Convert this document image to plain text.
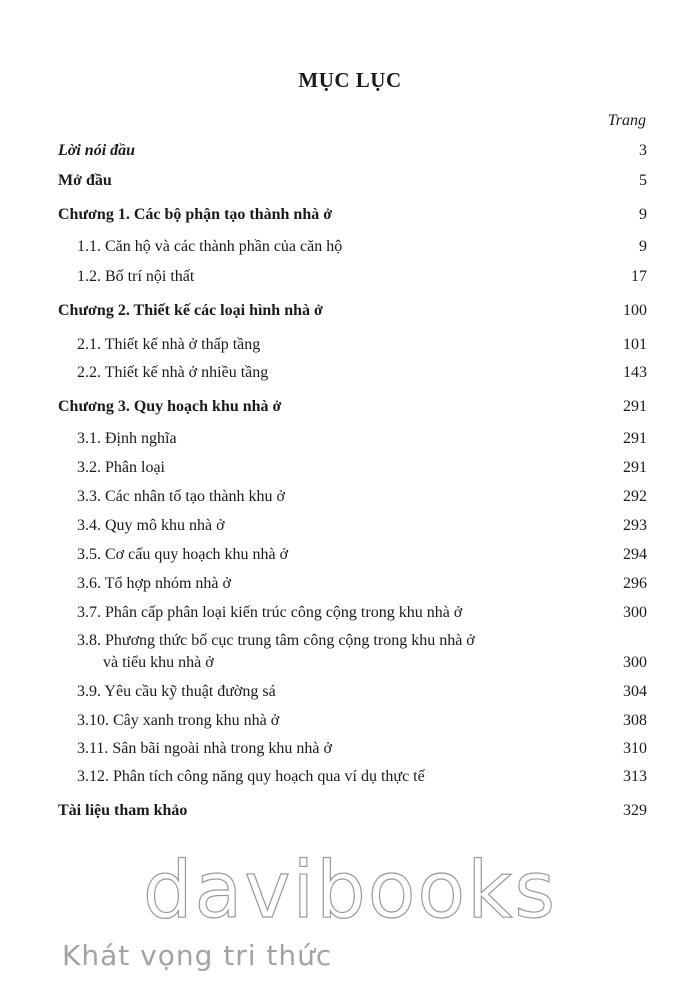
MỤC LỤC
Trang
Lời nói đầu	3
Mở đầu	5
Chương 1. Các bộ phận tạo thành nhà ở	9
1.1. Căn hộ và các thành phần của căn hộ	9
1.2. Bố trí nội thất	17
Chương 2. Thiết kế các loại hình nhà ở	100
2.1. Thiết kế nhà ở thấp tầng	101
2.2. Thiết kế nhà ở nhiều tầng	143
Chương 3. Quy hoạch khu nhà ở	291
3.1. Định nghĩa	291
3.2. Phân loại	291
3.3. Các nhân tố tạo thành khu ở	292
3.4. Quy mô khu nhà ở	293
3.5. Cơ cấu quy hoạch khu nhà ở	294
3.6. Tổ hợp nhóm nhà ở	296
3.7. Phân cấp phân loại kiến trúc công cộng trong khu nhà ở	300
3.8. Phương thức bố cục trung tâm công cộng trong khu nhà ở
và tiểu khu nhà ở	300
3.9. Yêu cầu kỹ thuật đường sá	304
3.10. Cây xanh trong khu nhà ở	308
3.11. Sân bãi ngoài nhà trong khu nhà ở	310
3.12. Phân tích công năng quy hoạch qua ví dụ thực tế	313
Tài liệu tham khảo	329
davibooks
Khát vọng tri thức
